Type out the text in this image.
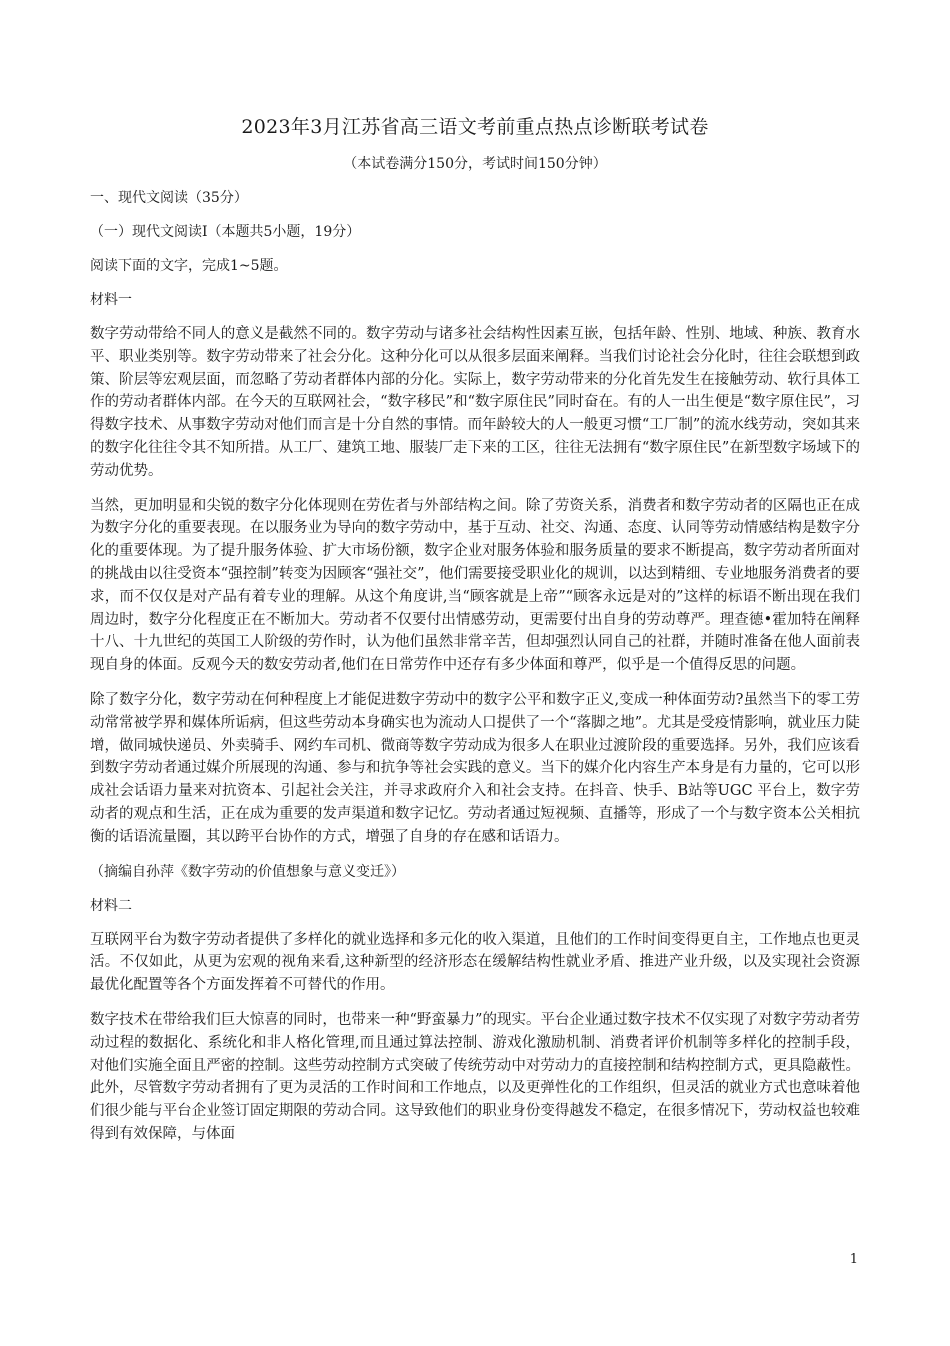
2023年3月江苏省高三语文考前重点热点诊断联考试卷
（本试卷满分150分，考试时间150分钟）
一、现代文阅读（35分）
（一）现代文阅读I（本题共5小题，19分）
阅读下面的文字，完成1~5题。
材料一

数字劳动带给不同人的意义是截然不同的。数字劳动与诸多社会结构性因素互嵌，包括年龄、性别、地域、种族、教育水平、职业类别等。数字劳动带来了社会分化。这种分化可以从很多层面来阐释。当我们讨论社会分化时，往往会联想到政策、阶层等宏观层面，而忽略了劳动者群体内部的分化。实际上，数字劳动带来的分化首先发生在接触劳动、软行具体工作的劳动者群体内部。在今天的互联网社会，“数字移民”和“数字原住民”同时奋在。有的人一出生便是“数字原住民”，习得数字技术、从事数字劳动对他们而言是十分自然的事情。而年龄较大的人一般更习惯“工厂制”的流水线劳动，突如其来的数字化往往令其不知所措。从工厂、建筑工地、服装厂走下来的工区，往往无法拥有“数字原住民”在新型数字场域下的劳动优势。

当然，更加明显和尖锐的数字分化体现则在劳佐者与外部结构之间。除了劳资关系，消费者和数字劳动者的区隔也正在成为数字分化的重要表现。在以服务业为导向的数字劳动中，基于互动、社交、沟通、态度、认同等劳动情感结构是数字分化的重要体现。为了提升服务体验、扩大市场份额，数字企业对服务体验和服务质量的要求不断提高，数字劳动者所面对的挑战由以往受资本“强控制”转变为因顾客“强社交”，他们需要接受职业化的规训，以达到精细、专业地服务消费者的要求，而不仅仅是对产品有着专业的理解。从这个角度讲,当“顾客就是上帝”“顾客永远是对的”这样的标语不断出现在我们周边时，数字分化程度正在不断加大。劳动者不仅要付出情感劳动，更需要付出自身的劳动尊严。理查德•霍加特在阐释十八、十九世纪的英国工人阶级的劳作时，认为他们虽然非常辛苦，但却强烈认同自己的社群，并随时准备在他人面前表现自身的体面。反观今天的数安劳动者,他们在日常劳作中还存有多少体面和尊严，似乎是一个值得反思的问题。

除了数字分化，数字劳动在何种程度上才能促进数字劳动中的数字公平和数字正义,变成一种体面劳动?虽然当下的零工劳动常常被学界和媒体所诟病，但这些劳动本身确实也为流动人口提供了一个“落脚之地”。尤其是受疫情影响，就业压力陡增，做同城快递员、外卖骑手、网约车司机、微商等数字劳动成为很多人在职业过渡阶段的重要选择。另外，我们应该看到数字劳动者通过媒介所展现的沟通、参与和抗争等社会实践的意义。当下的媒介化内容生产本身是有力量的，它可以形成社会话语力量来对抗资本、引起社会关注，并寻求政府介入和社会支持。在抖音、快手、B站等UGC 平台上，数字劳动者的观点和生活，正在成为重要的发声渠道和数字记忆。劳动者通过短视频、直播等，形成了一个与数字资本公关相抗衡的话语流量圈，其以跨平台协作的方式，增强了自身的存在感和话语力。

（摘编自孙萍《数字劳动的价值想象与意义变迁》）
材料二

互联网平台为数字劳动者提供了多样化的就业选择和多元化的收入渠道，且他们的工作时间变得更自主，工作地点也更灵活。不仅如此，从更为宏观的视角来看,这种新型的经济形态在缓解结构性就业矛盾、推进产业升级，以及实现社会资源最优化配置等各个方面发挥着不可替代的作用。

数字技术在带给我们巨大惊喜的同时，也带来一种“野蛮暴力”的现实。平台企业通过数字技术不仅实现了对数字劳动者劳动过程的数据化、系统化和非人格化管理,而且通过算法控制、游戏化激励机制、消费者评价机制等多样化的控制手段，对他们实施全面且严密的控制。这些劳动控制方式突破了传统劳动中对劳动力的直接控制和结构控制方式，更具隐蔽性。此外，尽管数字劳动者拥有了更为灵活的工作时间和工作地点，以及更弹性化的工作组织，但灵活的就业方式也意味着他们很少能与平台企业签订固定期限的劳动合同。这导致他们的职业身份变得越发不稳定，在很多情况下，劳动权益也较难得到有效保障，与体面

1
